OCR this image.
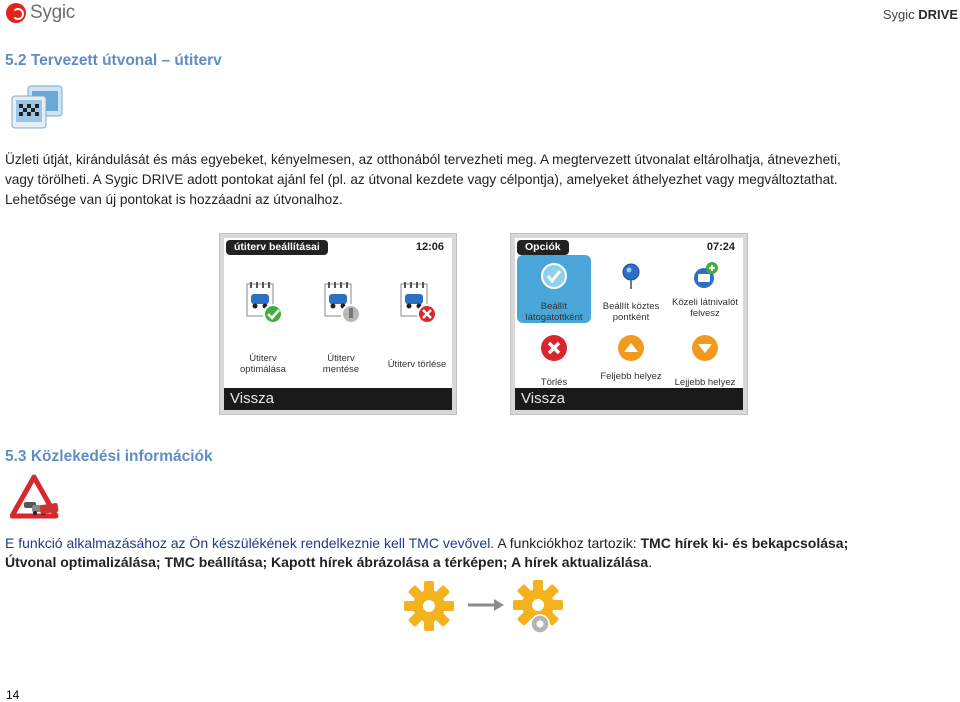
Sygic	Sygic DRIVE
5.2 Tervezett útvonal – útiterv
Üzleti útját, kirándulását és más egyebeket, kényelmesen, az otthonából tervezheti meg. A megtervezett útvonalat eltárolhatja, átnevezheti,
vagy törölheti. A Sygic DRIVE adott pontokat ajánl fel (pl. az útvonal kezdete vagy célpontja), amelyeket áthelyezhet vagy megváltoztathat.
Lehetősége van új pontokat is hozzáadni az útvonalhoz.
útiterv beállításai	12:06
Útiterv optimálása
Útiterv mentése	Útiterv törlése
Vissza
Opciók	07:24
Beállít látogatottként
Beállít köztes pontként
Közeli látnivalót felvesz
Törlés
Feljebb helyez
Lejjebb helyez
Vissza
5.3 Közlekedési információk
E funkció alkalmazásához az Ön készülékének rendelkeznie kell TMC vevővel. A funkciókhoz tartozik: TMC hírek ki- és bekapcsolása;
Útvonal optimalizálása; TMC beállítása; Kapott hírek ábrázolása a térképen; A hírek aktualizálása.
14
